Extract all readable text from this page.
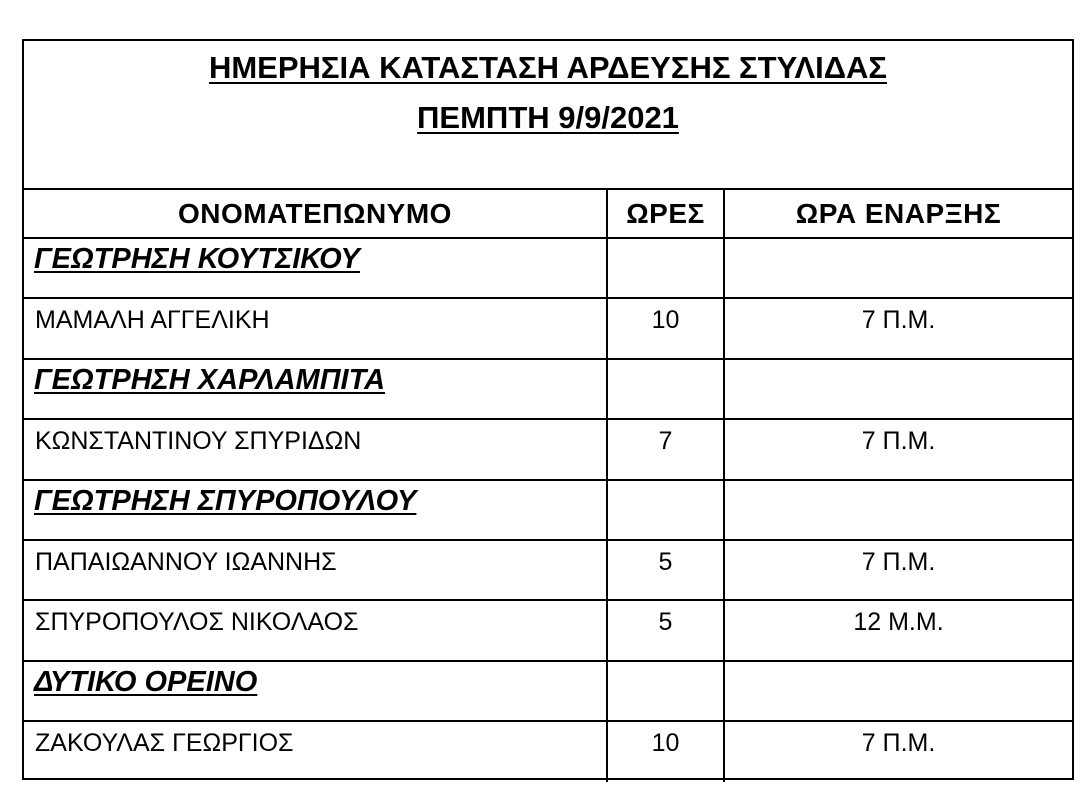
ΗΜΕΡΗΣΙΑ ΚΑΤΑΣΤΑΣΗ ΑΡΔΕΥΣΗΣ ΣΤΥΛΙΔΑΣ
ΠΕΜΠΤΗ 9/9/2021
ΟΝΟΜΑΤΕΠΩΝΥΜΟ	ΩΡΕΣ	ΩΡΑ ΕΝΑΡΞΗΣ
ΓΕΩΤΡΗΣΗ ΚΟΥΤΣΙΚΟΥ		
ΜΑΜΑΛΗ ΑΓΓΕΛΙΚΗ	10	7 Π.Μ.
ΓΕΩΤΡΗΣΗ ΧΑΡΛΑΜΠΙΤΑ		
ΚΩΝΣΤΑΝΤΙΝΟΥ ΣΠΥΡΙΔΩΝ	7	7 Π.Μ.
ΓΕΩΤΡΗΣΗ ΣΠΥΡΟΠΟΥΛΟΥ		
ΠΑΠΑΙΩΑΝΝΟΥ ΙΩΑΝΝΗΣ	5	7 Π.Μ.
ΣΠΥΡΟΠΟΥΛΟΣ ΝΙΚΟΛΑΟΣ	5	12 Μ.Μ.
ΔΥΤΙΚΟ ΟΡΕΙΝΟ		
ΖΑΚΟΥΛΑΣ ΓΕΩΡΓΙΟΣ	10	7 Π.Μ.
